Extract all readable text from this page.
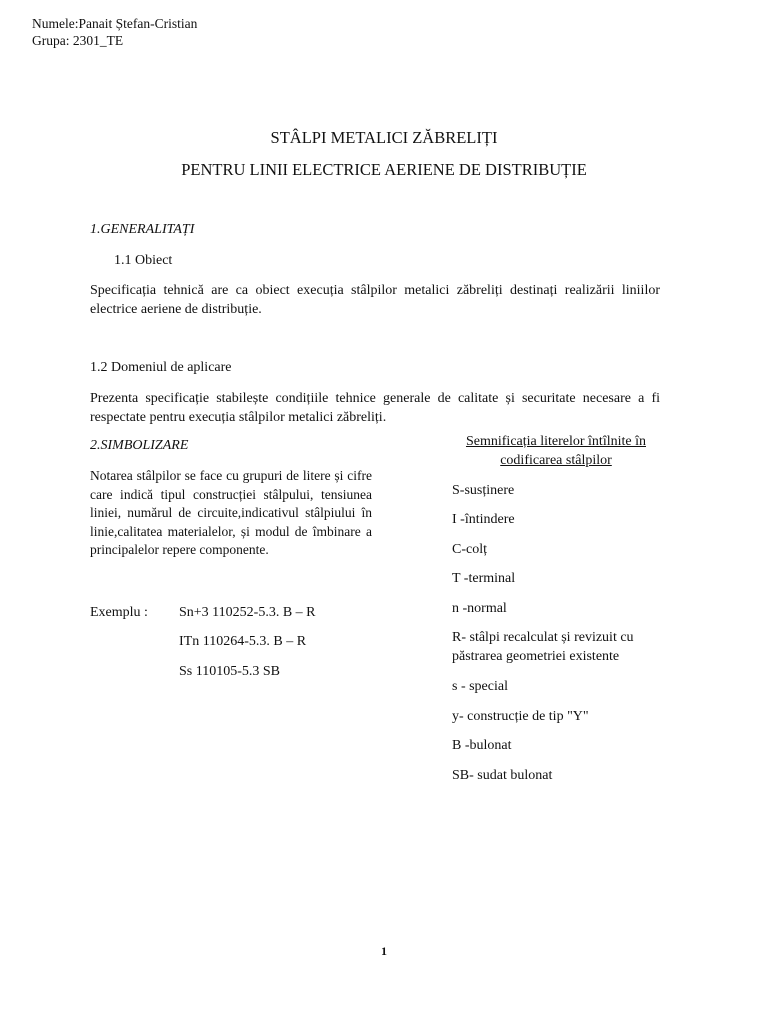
Numele:Panait Ștefan-Cristian
Grupa: 2301_TE
STÂLPI METALICI ZĂBRELIȚI
PENTRU LINII ELECTRICE AERIENE DE DISTRIBUȚIE
1.GENERALITAȚI
1.1 Obiect

Specificația tehnică are ca obiect execuția stâlpilor metalici zăbreliți destinați realizării liniilor electrice aeriene de distribuție.

1.2 Domeniul de aplicare

Prezenta specificație stabilește condițiile tehnice generale de calitate și securitate necesare a fi respectate pentru execuția stâlpilor metalici zăbreliți.

2.SIMBOLIZARE
Notarea stâlpilor se face cu grupuri de litere și cifre care indică tipul construcției stâlpului, tensiunea liniei, numărul de circuite,indicativul stâlpiului în linie,calitatea materialelor, și modul de îmbinare a principalelor repere componente.
Exemplu : Sn+3 110252-5.3. B – R
ITn 110264-5.3. B – R
Ss 110105-5.3 SB
Semnificația literelor întîlnite în
codificarea stâlpilor
S-susținere
I -întindere
C-colț
T -terminal
n -normal
R- stâlpi recalculat și revizuit cu păstrarea geometriei existente
s - special
y- construcție de tip "Y"
B -bulonat
SB- sudat bulonat
1
